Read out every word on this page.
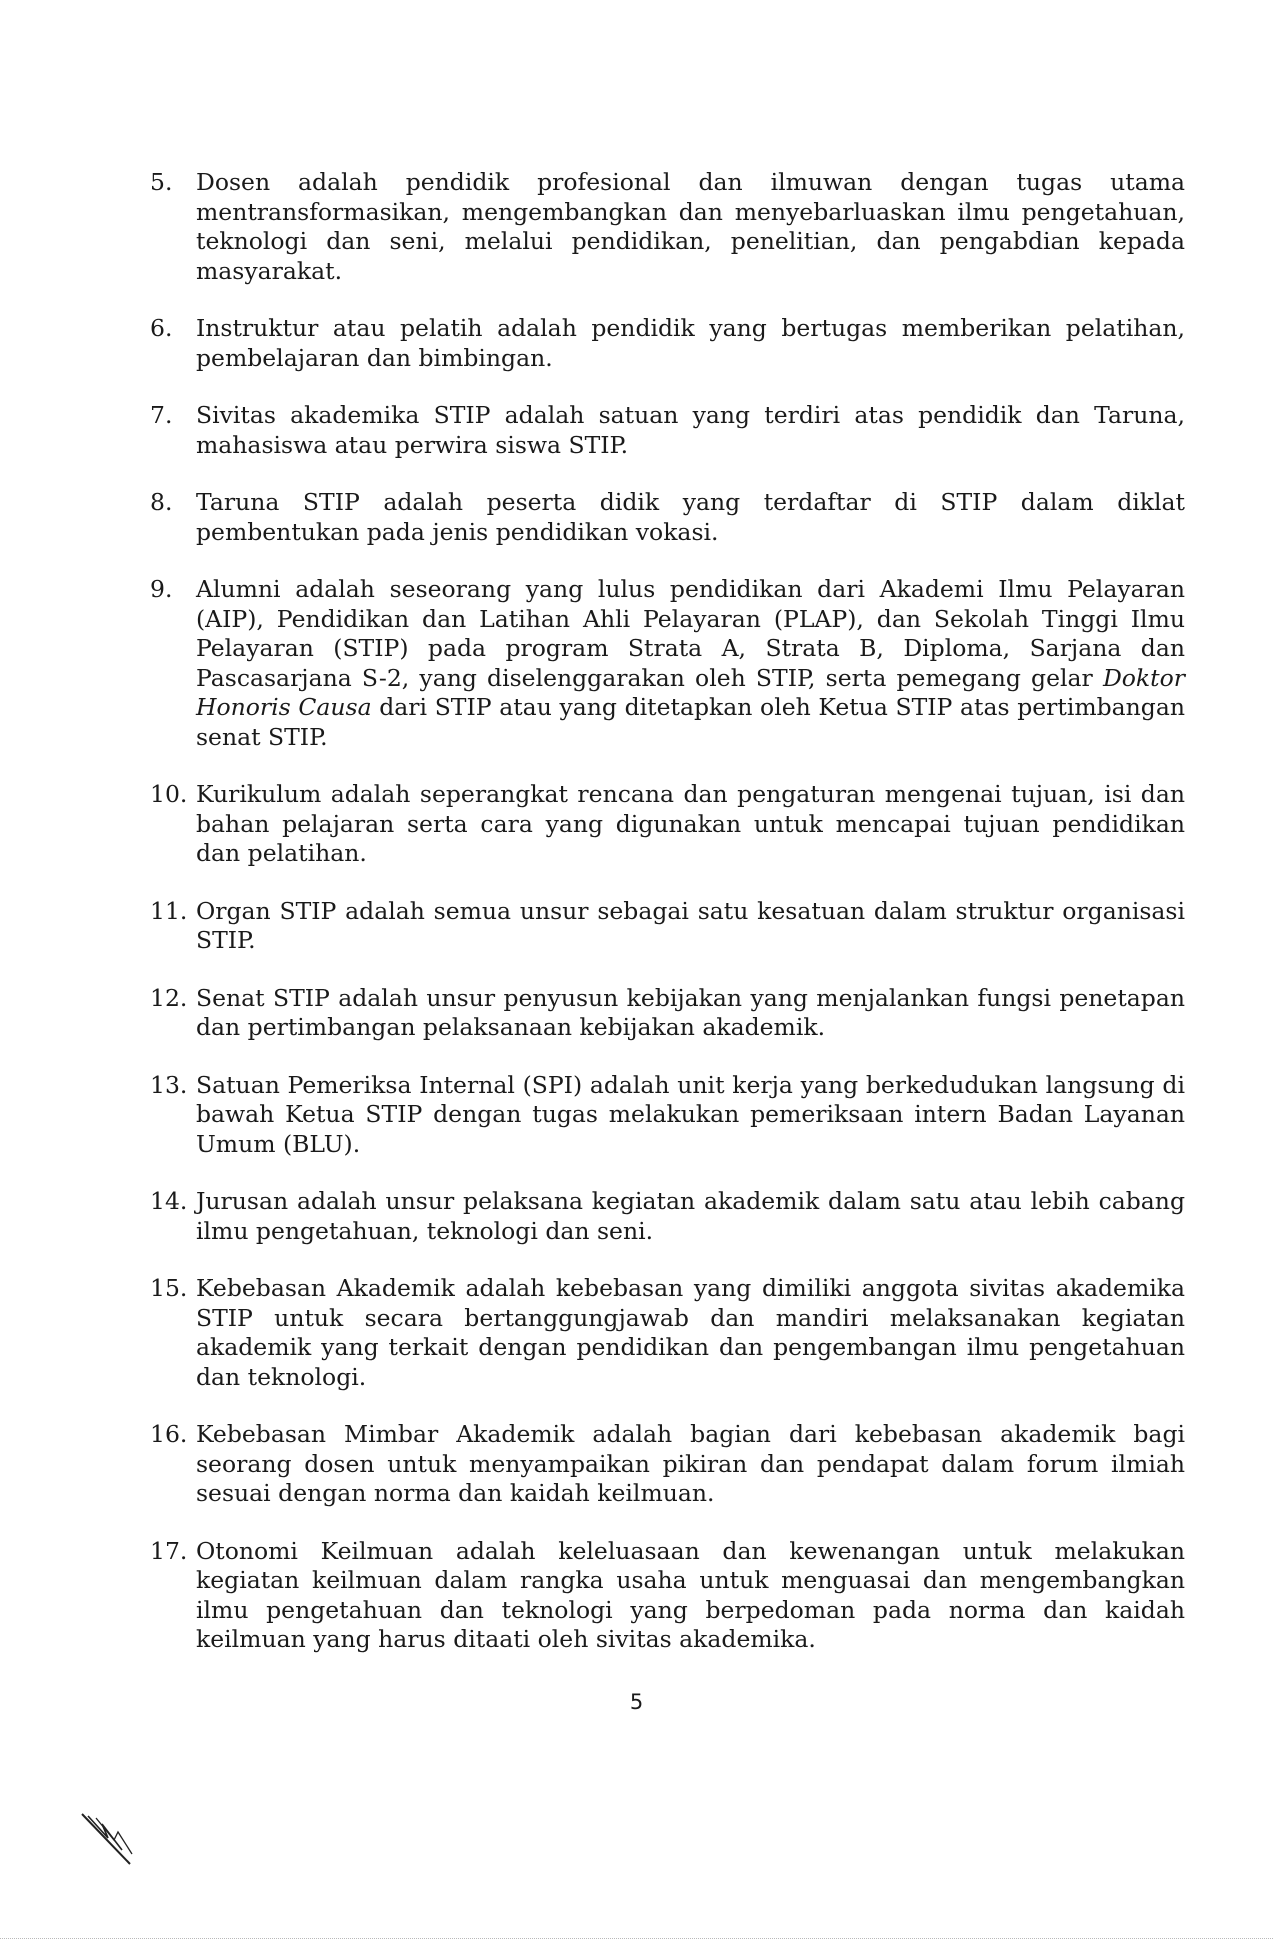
5.	Dosen adalah pendidik profesional dan ilmuwan dengan tugas utama mentransformasikan, mengembangkan dan menyebarluaskan ilmu pengetahuan, teknologi dan seni, melalui pendidikan, penelitian, dan pengabdian kepada masyarakat.
6.	Instruktur atau pelatih adalah pendidik yang bertugas memberikan pelatihan, pembelajaran dan bimbingan.
7.	Sivitas akademika STIP adalah satuan yang terdiri atas pendidik dan Taruna, mahasiswa atau perwira siswa STIP.
8.	Taruna STIP adalah peserta didik yang terdaftar di STIP dalam diklat pembentukan pada jenis pendidikan vokasi.
9.	Alumni adalah seseorang yang lulus pendidikan dari Akademi Ilmu Pelayaran (AIP), Pendidikan dan Latihan Ahli Pelayaran (PLAP), dan Sekolah Tinggi Ilmu Pelayaran (STIP) pada program Strata A, Strata B, Diploma, Sarjana dan Pascasarjana S-2, yang diselenggarakan oleh STIP, serta pemegang gelar Doktor Honoris Causa dari STIP atau yang ditetapkan oleh Ketua STIP atas pertimbangan senat STIP.
10. Kurikulum adalah seperangkat rencana dan pengaturan mengenai tujuan, isi dan bahan pelajaran serta cara yang digunakan untuk mencapai tujuan pendidikan dan pelatihan.
11. Organ STIP adalah semua unsur sebagai satu kesatuan dalam struktur organisasi STIP.
12. Senat STIP adalah unsur penyusun kebijakan yang menjalankan fungsi penetapan dan pertimbangan pelaksanaan kebijakan akademik.
13. Satuan Pemeriksa Internal (SPI) adalah unit kerja yang berkedudukan langsung di bawah Ketua STIP dengan tugas melakukan pemeriksaan intern Badan Layanan Umum (BLU).
14. Jurusan adalah unsur pelaksana kegiatan akademik dalam satu atau lebih cabang ilmu pengetahuan, teknologi dan seni.
15. Kebebasan Akademik adalah kebebasan yang dimiliki anggota sivitas akademika STIP untuk secara bertanggungjawab dan mandiri melaksanakan kegiatan akademik yang terkait dengan pendidikan dan pengembangan ilmu pengetahuan dan teknologi.
16. Kebebasan Mimbar Akademik adalah bagian dari kebebasan akademik bagi seorang dosen untuk menyampaikan pikiran dan pendapat dalam forum ilmiah sesuai dengan norma dan kaidah keilmuan.
17. Otonomi Keilmuan adalah keleluasaan dan kewenangan untuk melakukan kegiatan keilmuan dalam rangka usaha untuk menguasai dan mengembangkan ilmu pengetahuan dan teknologi yang berpedoman pada norma dan kaidah keilmuan yang harus ditaati oleh sivitas akademika.
5
